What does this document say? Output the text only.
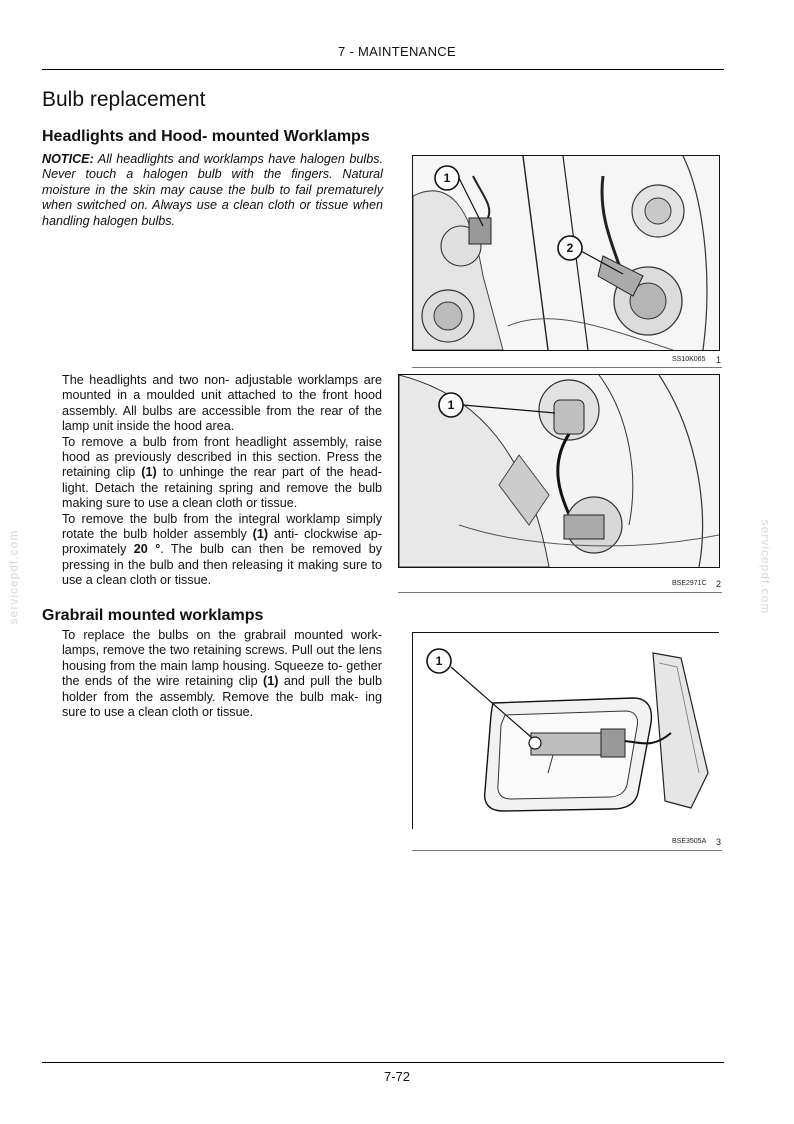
7 - MAINTENANCE
Bulb replacement
Headlights and Hood- mounted Worklamps
NOTICE: All headlights and worklamps have halogen bulbs. Never touch a halogen bulb with the fingers. Natural moisture in the skin may cause the bulb to fail prematurely when switched on. Always use a clean cloth or tissue when handling halogen bulbs.

The headlights and two non- adjustable worklamps are mounted in a moulded unit attached to the front hood assembly. All bulbs are accessible from the rear of the lamp unit inside the hood area.

To remove a bulb from front headlight assembly, raise hood as previously described in this section. Press the retaining clip (1) to unhinge the rear part of the head- light. Detach the retaining spring and remove the bulb making sure to use a clean cloth or tissue.

To remove the bulb from the integral worklamp simply rotate the bulb holder assembly (1) anti- clockwise ap- proximately 20 °. The bulb can then be removed by pressing in the bulb and then releasing it making sure to use a clean cloth or tissue.

Grabrail mounted worklamps

To replace the bulbs on the grabrail mounted work- lamps, remove the two retaining screws. Pull out the lens housing from the main lamp housing. Squeeze to- gether the ends of the wire retaining clip (1) and pull the bulb holder from the assembly. Remove the bulb mak- ing sure to use a clean cloth or tissue.

1
2
SS10K065 1
1
BSE2971C 2
1
BSE3505A 3
servicepdf.com	servicepdf.com
7-72
